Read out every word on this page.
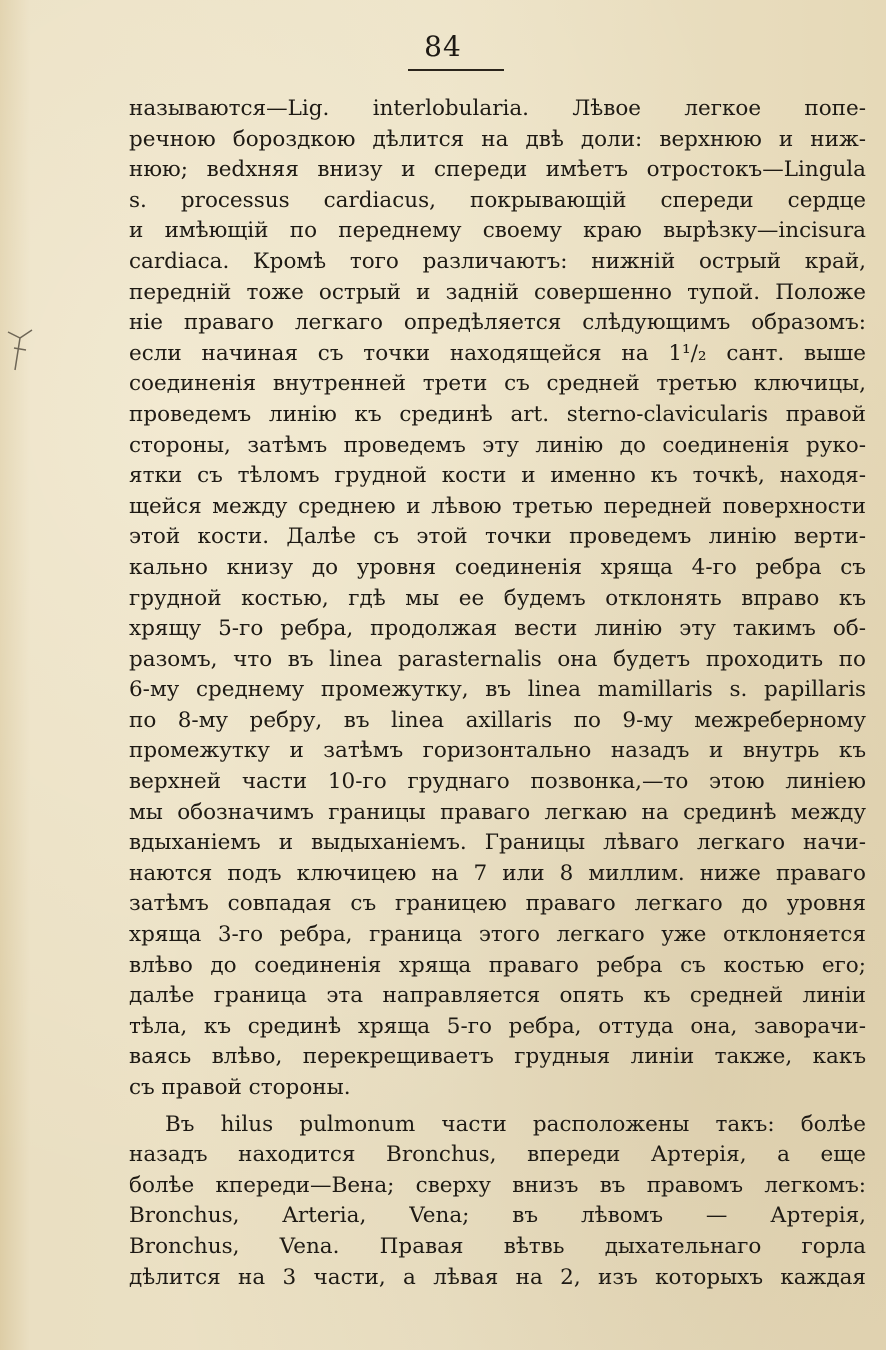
84
называются—Lig. interlobularia. Лѣвое легкое попе-
речною бороздкою дѣлится на двѣ доли: верхнюю и ниж-
нюю; веdхняя внизу и спереди имѣетъ отростокъ—Lingula
s. processus cardiacus, покрывающій спереди сердце
и имѣющій по переднему своему краю вырѣзку—incisura
cardiaca. Кромѣ того различаютъ: нижній острый край,
передній тоже острый и задній совершенно тупой. Положе
ніе праваго легкаго опредѣляется слѣдующимъ образомъ:
если начиная съ точки находящейся на 1¹/₂ сант. выше
соединенія внутренней трети съ средней третью ключицы,
проведемъ линію къ срединѣ art. sterno-clavicularis правой
стороны, затѣмъ проведемъ эту линію до соединенія руко-
ятки съ тѣломъ грудной кости и именно къ точкѣ, находя-
щейся между среднею и лѣвою третью передней поверхности
этой кости. Далѣе съ этой точки проведемъ линію верти-
кально книзу до уровня соединенія хряща 4-го ребра съ
грудной костью, гдѣ мы ее будемъ отклонять вправо къ
хрящу 5-го ребра, продолжая вести линію эту такимъ об-
разомъ, что въ linea parasternalis она будетъ проходить по
6-му среднему промежутку, въ linea mamillaris s. papillaris
по 8-му ребру, въ linea axillaris по 9-му межреберному
промежутку и затѣмъ горизонтально назадъ и внутрь къ
верхней части 10-го груднаго позвонка,—то этою линіею
мы обозначимъ границы праваго легкаю на срединѣ между
вдыханіемъ и выдыханіемъ. Границы лѣваго легкаго начи-
наются подъ ключицею на 7 или 8 миллим. ниже праваго
затѣмъ совпадая съ границею праваго легкаго до уровня
хряща 3-го ребра, граница этого легкаго уже отклоняется
влѣво до соединенія хряща праваго ребра съ костью его;
далѣе граница эта направляется опять къ средней линіи
тѣла, къ срединѣ хряща 5-го ребра, оттуда она, заворачи-
ваясь влѣво, перекрещиваетъ грудныя линіи также, какъ
съ правой стороны.
Въ hilus pulmonum части расположены такъ: болѣе
назадъ находится Bronchus, впереди Артерія, а еще
болѣе кпереди—Вена; сверху внизъ въ правомъ легкомъ:
Bronchus, Arteria, Vena; въ лѣвомъ — Артерія,
Bronchus, Vena. Правая вѣтвь дыхательнаго горла
дѣлится на 3 части, а лѣвая на 2, изъ которыхъ каждая
